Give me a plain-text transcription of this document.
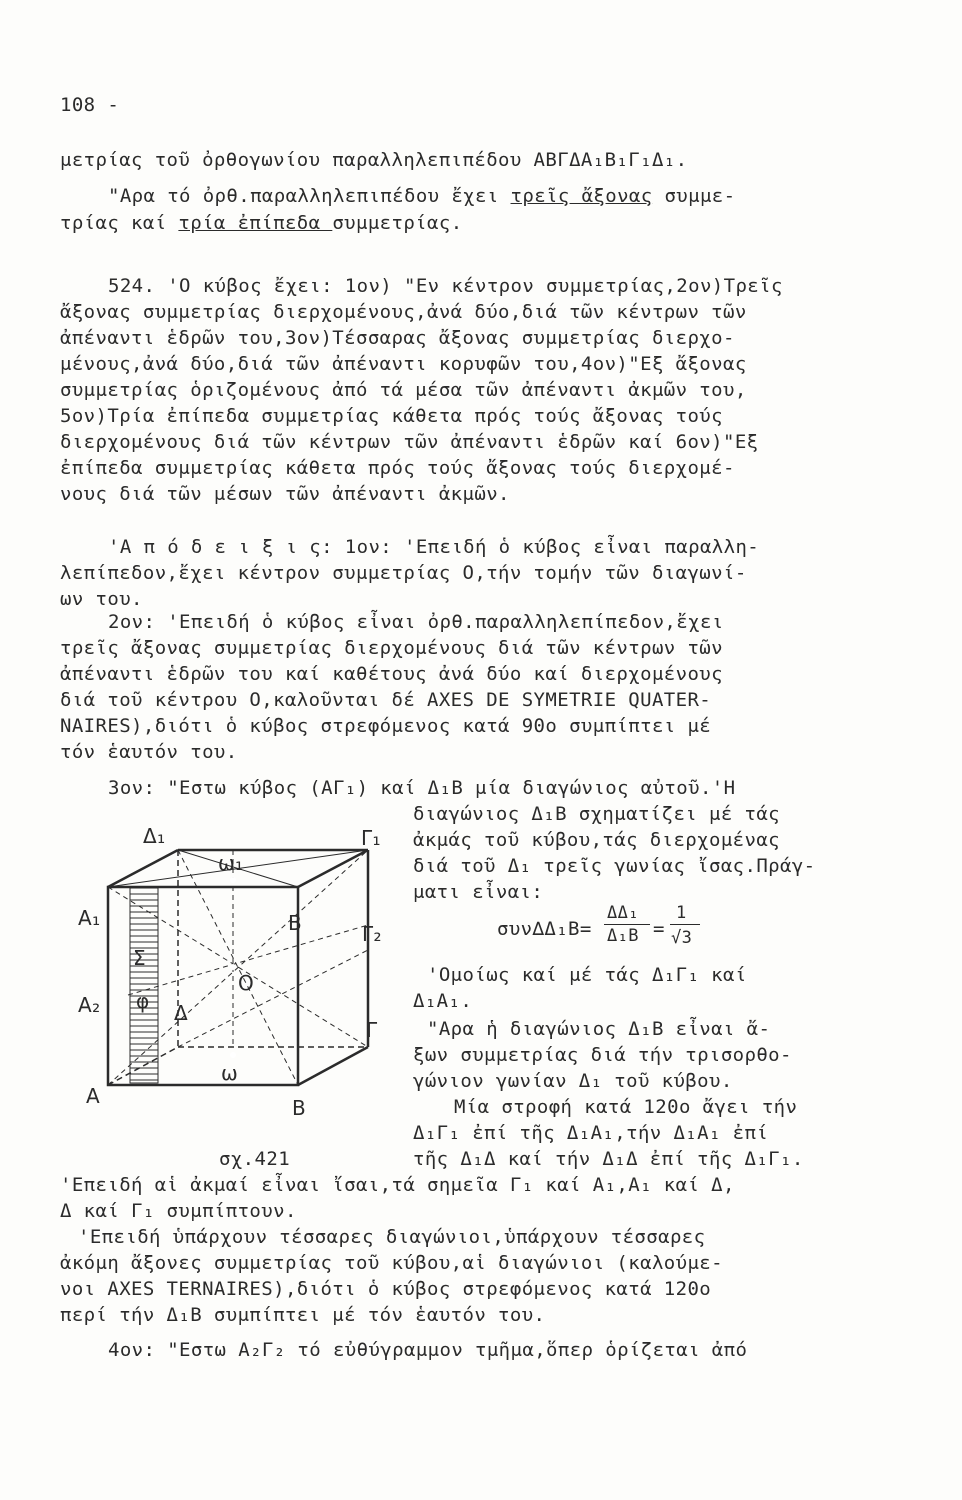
108 -
μετρίας τοῦ ὀρθογωνίου παραλληλεπιπέδου ΑΒΓΔΑ₁Β₁Γ₁Δ₁.
"Αρα τό ὀρθ.παραλληλεπιπέδου ἔχει τρεῖς ἄξονας συμμε-
τρίας καί τρία ἐπίπεδα συμμετρίας.
524. 'Ο κύβος ἔχει: 1ον) "Εν κέντρον συμμετρίας,2ον)Τρεῖς
ἄξονας συμμετρίας διερχομένους,ἀνά δύο,διά τῶν κέντρων τῶν
ἀπέναντι ἑδρῶν του,3ον)Τέσσαρας ἄξονας συμμετρίας διερχο-
μένους,ἀνά δύο,διά τῶν ἀπέναντι κορυφῶν του,4ον)"Εξ ἄξονας
συμμετρίας ὁριζομένους ἀπό τά μέσα τῶν ἀπέναντι ἀκμῶν του,
5ον)Τρία ἐπίπεδα συμμετρίας κάθετα πρός τούς ἄξονας τούς
διερχομένους διά τῶν κέντρων τῶν ἀπέναντι ἑδρῶν καί 6ον)"Εξ
ἐπίπεδα συμμετρίας κάθετα πρός τούς ἄξονας τούς διερχομέ-
νους διά τῶν μέσων τῶν ἀπέναντι ἀκμῶν.
'Α π ό δ ε ι ξ ι ς: 1ον: 'Επειδή ὁ κύβος εἶναι παραλλη-
λεπίπεδον,ἔχει κέντρον συμμετρίας Ο,τήν τομήν τῶν διαγωνί-
ων του.
2ον: 'Επειδή ὁ κύβος εἶναι ὀρθ.παραλληλεπίπεδον,ἔχει
τρεῖς ἄξονας συμμετρίας διερχομένους διά τῶν κέντρων τῶν
ἀπέναντι ἑδρῶν του καί καθέτους ἀνά δύο καί διερχομένους
διά τοῦ κέντρου Ο,καλοῦνται δέ AXES DE SYMETRIE QUATER-
NAIRES),διότι ὁ κύβος στρεφόμενος κατά 90ο συμπίπτει μέ
τόν ἑαυτόν του.
3ον: "Εστω κύβος (ΑΓ₁) καί Δ₁Β μία διαγώνιος αὐτοῦ.'Η
διαγώνιος Δ₁Β σχηματίζει μέ τάς
ἀκμάς τοῦ κύβου,τάς διερχομένας
διά τοῦ Δ₁ τρεῖς γωνίας ἴσας.Πράγ-
ματι εἶναι:
συν∆Δ₁Β=
ΔΔ₁
Δ₁Β =
1
√3
'Ομοίως καί μέ τάς Δ₁Γ₁ καί
Δ₁Α₁.
"Αρα ἡ διαγώνιος Δ₁Β εἶναι ἄ-
ξων συμμετρίας διά τήν τρισορθο-
γώνιον γωνίαν Δ₁ τοῦ κύβου.
Μία στροφή κατά 120ο ἄγει τήν
Δ₁Γ₁ ἐπί τῆς Δ₁Α₁,τήν Δ₁Α₁ ἐπί
σχ.421	τῆς Δ₁Δ καί τήν Δ₁Δ ἐπί τῆς Δ₁Γ₁.
'Επειδή αἱ ἀκμαί εἶναι ἴσαι,τά σημεῖα Γ₁ καί Α₁,Α₁ καί Δ,
Δ καί Γ₁ συμπίπτουν.
'Επειδή ὑπάρχουν τέσσαρες διαγώνιοι,ὑπάρχουν τέσσαρες
ἀκόμη ἄξονες συμμετρίας τοῦ κύβου,αἱ διαγώνιοι (καλούμε-
νοι AXES TERNAIRES),διότι ὁ κύβος στρεφόμενος κατά 120ο
περί τήν Δ₁Β συμπίπτει μέ τόν ἑαυτόν του.
4ον: "Εστω Α₂Γ₂ τό εὐθύγραμμον τμῆμα,ὅπερ ὁρίζεται ἀπό
Δ₁	Γ₁
ω₁
Α₁	Β	Γ₂
Σ
Ο
Α₂ φ Δ
Γ
ω
Α	Β
